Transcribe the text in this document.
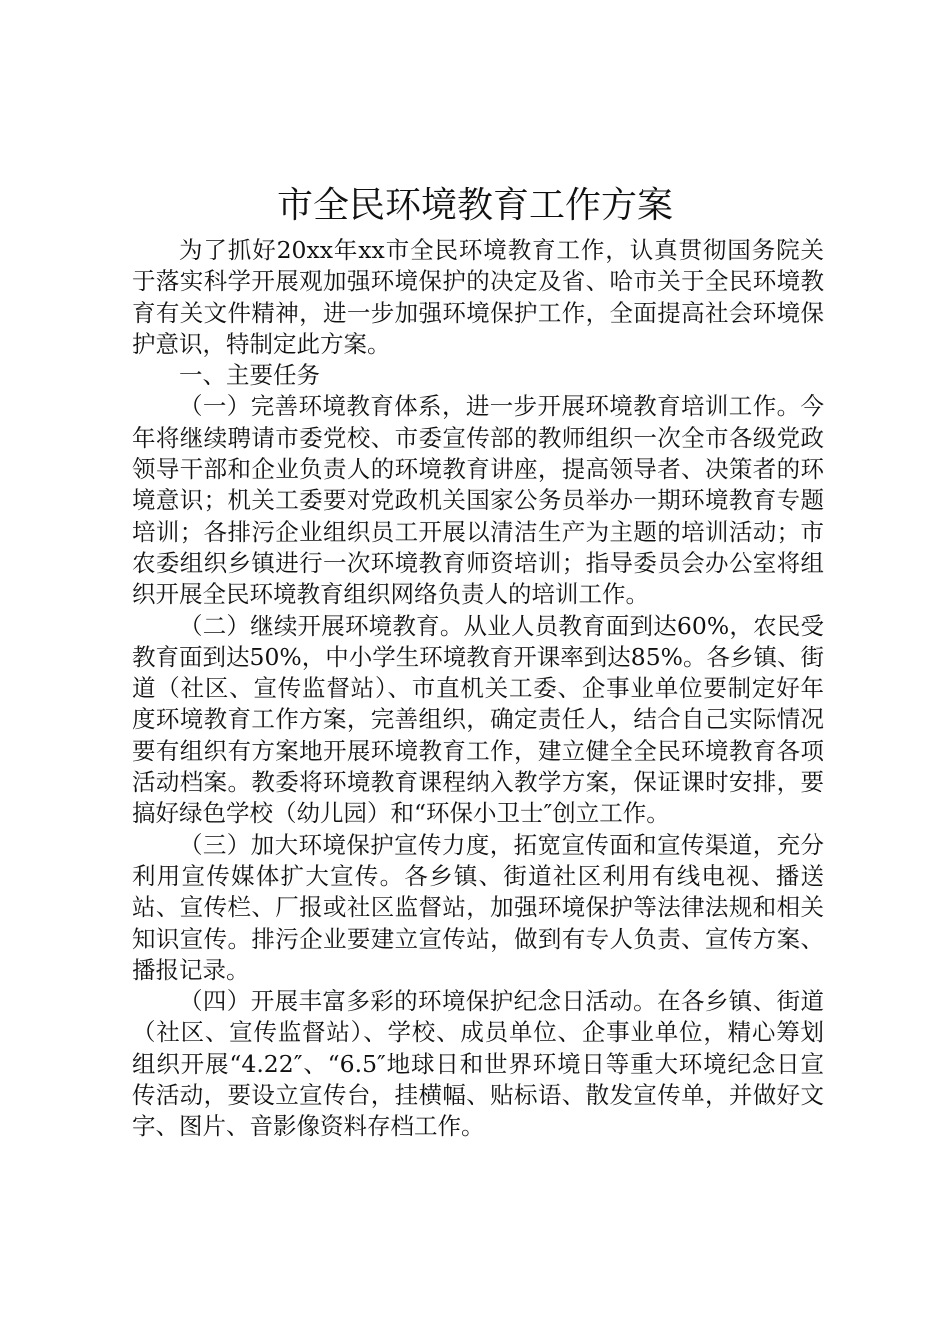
市全民环境教育工作方案

为了抓好20xx年xx市全民环境教育工作，认真贯彻国务院关于落实科学开展观加强环境保护的决定及省、哈市关于全民环境教育有关文件精神，进一步加强环境保护工作，全面提高社会环境保护意识，特制定此方案。

一、主要任务

（一）完善环境教育体系，进一步开展环境教育培训工作。今年将继续聘请市委党校、市委宣传部的教师组织一次全市各级党政领导干部和企业负责人的环境教育讲座，提高领导者、决策者的环境意识；机关工委要对党政机关国家公务员举办一期环境教育专题培训；各排污企业组织员工开展以清洁生产为主题的培训活动；市农委组织乡镇进行一次环境教育师资培训；指导委员会办公室将组织开展全民环境教育组织网络负责人的培训工作。

（二）继续开展环境教育。从业人员教育面到达60%，农民受教育面到达50%，中小学生环境教育开课率到达85%。各乡镇、街道（社区、宣传监督站）、市直机关工委、企事业单位要制定好年度环境教育工作方案，完善组织，确定责任人，结合自己实际情况要有组织有方案地开展环境教育工作，建立健全全民环境教育各项活动档案。教委将环境教育课程纳入教学方案，保证课时安排，要搞好绿色学校（幼儿园）和“环保小卫士″创立工作。

（三）加大环境保护宣传力度，拓宽宣传面和宣传渠道，充分利用宣传媒体扩大宣传。各乡镇、街道社区利用有线电视、播送站、宣传栏、厂报或社区监督站，加强环境保护等法律法规和相关知识宣传。排污企业要建立宣传站，做到有专人负责、宣传方案、播报记录。

（四）开展丰富多彩的环境保护纪念日活动。在各乡镇、街道（社区、宣传监督站）、学校、成员单位、企事业单位，精心筹划组织开展“4.22″、“6.5″地球日和世界环境日等重大环境纪念日宣传活动，要设立宣传台，挂横幅、贴标语、散发宣传单，并做好文字、图片、音影像资料存档工作。
